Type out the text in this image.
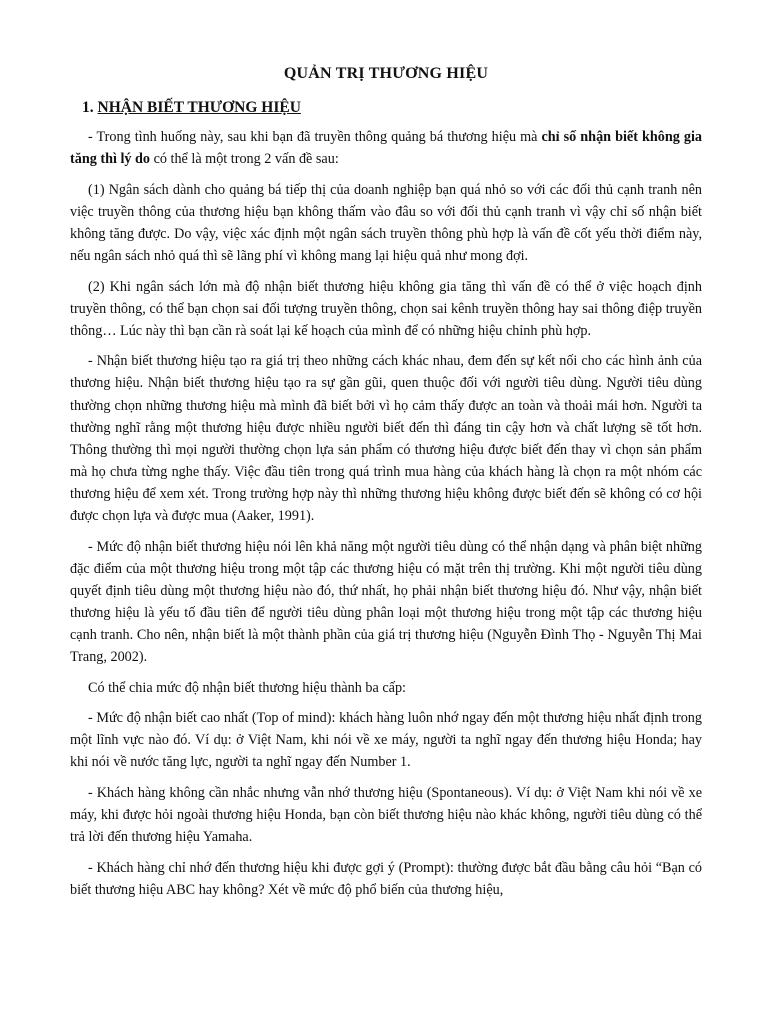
QUẢN TRỊ THƯƠNG HIỆU
1. NHẬN BIẾT THƯƠNG HIỆU

- Trong tình huống này, sau khi bạn đã truyền thông quảng bá thương hiệu mà chỉ số nhận biết không gia tăng thì lý do có thể là một trong 2 vấn đề sau:

(1) Ngân sách dành cho quảng bá tiếp thị của doanh nghiệp bạn quá nhỏ so với các đối thủ cạnh tranh nên việc truyền thông của thương hiệu bạn không thấm vào đâu so với đối thủ cạnh tranh vì vậy chỉ số nhận biết không tăng được. Do vậy, việc xác định một ngân sách truyền thông phù hợp là vấn đề cốt yếu thời điểm này, nếu ngân sách nhỏ quá thì sẽ lãng phí vì không mang lại hiệu quả như mong đợi.

(2) Khi ngân sách lớn mà độ nhận biết thương hiệu không gia tăng thì vấn đề có thể ở việc hoạch định truyền thông, có thể bạn chọn sai đối tượng truyền thông, chọn sai kênh truyền thông hay sai thông điệp truyền thông… Lúc này thì bạn cần rà soát lại kế hoạch của mình để có những hiệu chỉnh phù hợp.

- Nhận biết thương hiệu tạo ra giá trị theo những cách khác nhau, đem đến sự kết nối cho các hình ảnh của thương hiệu. Nhận biết thương hiệu tạo ra sự gần gũi, quen thuộc đối với người tiêu dùng. Người tiêu dùng thường chọn những thương hiệu mà mình đã biết bởi vì họ cảm thấy được an toàn và thoải mái hơn. Người ta thường nghĩ rằng một thương hiệu được nhiều người biết đến thì đáng tin cậy hơn và chất lượng sẽ tốt hơn. Thông thường thì mọi người thường chọn lựa sản phẩm có thương hiệu được biết đến thay vì chọn sản phẩm mà họ chưa từng nghe thấy. Việc đầu tiên trong quá trình mua hàng của khách hàng là chọn ra một nhóm các thương hiệu để xem xét. Trong trường hợp này thì những thương hiệu không được biết đến sẽ không có cơ hội được chọn lựa và được mua (Aaker, 1991).

- Mức độ nhận biết thương hiệu nói lên khả năng một người tiêu dùng có thể nhận dạng và phân biệt những đặc điểm của một thương hiệu trong một tập các thương hiệu có mặt trên thị trường. Khi một người tiêu dùng quyết định tiêu dùng một thương hiệu nào đó, thứ nhất, họ phải nhận biết thương hiệu đó. Như vậy, nhận biết thương hiệu là yếu tố đầu tiên để người tiêu dùng phân loại một thương hiệu trong một tập các thương hiệu cạnh tranh. Cho nên, nhận biết là một thành phần của giá trị thương hiệu (Nguyễn Đình Thọ - Nguyễn Thị Mai Trang, 2002).

Có thể chia mức độ nhận biết thương hiệu thành ba cấp:

- Mức độ nhận biết cao nhất (Top of mind): khách hàng luôn nhớ ngay đến một thương hiệu nhất định trong một lĩnh vực nào đó. Ví dụ: ở Việt Nam, khi nói về xe máy, người ta nghĩ ngay đến thương hiệu Honda; hay khi nói về nước tăng lực, người ta nghĩ ngay đến Number 1.

- Khách hàng không cần nhắc nhưng vẫn nhớ thương hiệu (Spontaneous). Ví dụ: ở Việt Nam khi nói về xe máy, khi được hỏi ngoài thương hiệu Honda, bạn còn biết thương hiệu nào khác không, người tiêu dùng có thể trả lời đến thương hiệu Yamaha.

- Khách hàng chỉ nhớ đến thương hiệu khi được gợi ý (Prompt): thường được bắt đầu bằng câu hỏi “Bạn có biết thương hiệu ABC hay không? Xét về mức độ phổ biến của thương hiệu,
